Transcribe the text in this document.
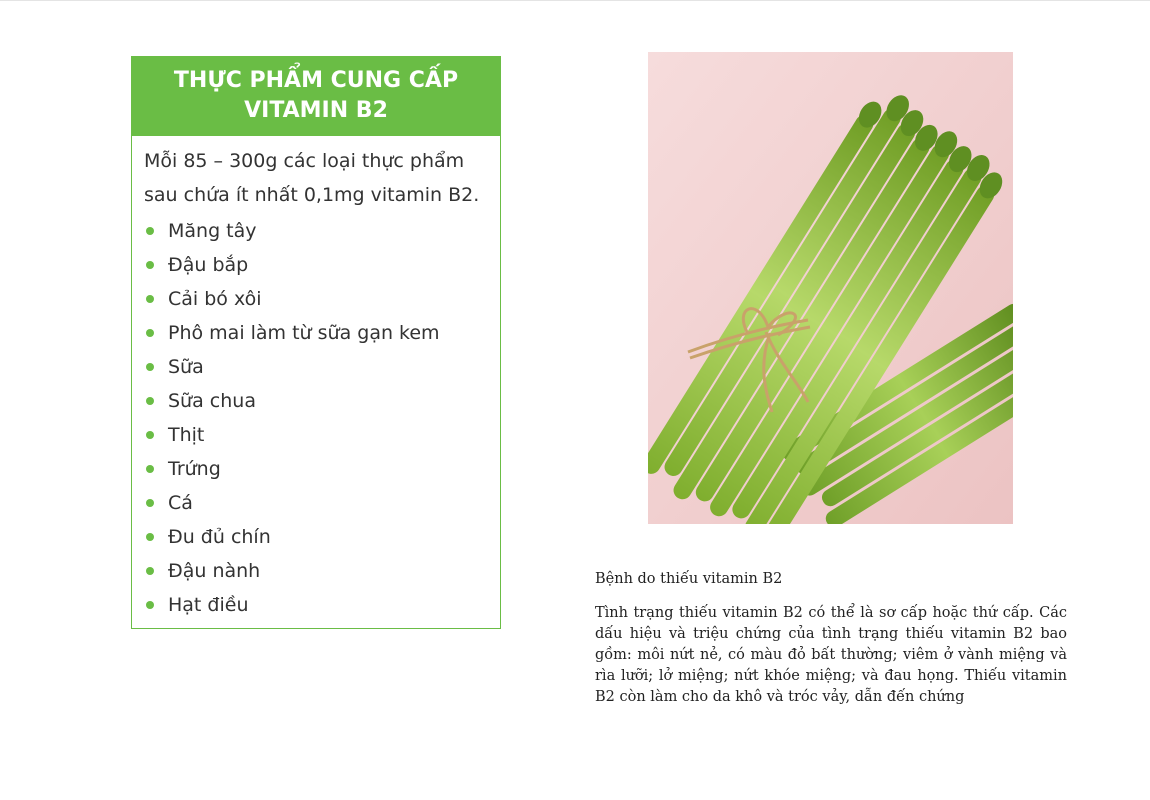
THỰC PHẨM CUNG CẤP VITAMIN B2

Mỗi 85 – 300g các loại thực phẩm sau chứa ít nhất 0,1mg vitamin B2.

Măng tây
Đậu bắp
Cải bó xôi
Phô mai làm từ sữa gạn kem
Sữa
Sữa chua
Thịt
Trứng
Cá
Đu đủ chín
Đậu nành
Hạt điều

Bệnh do thiếu vitamin B2

Tình trạng thiếu vitamin B2 có thể là sơ cấp hoặc thứ cấp. Các dấu hiệu và triệu chứng của tình trạng thiếu vitamin B2 bao gồm: môi nứt nẻ, có màu đỏ bất thường; viêm ở vành miệng và rìa lưỡi; lở miệng; nứt khóe miệng; và đau họng. Thiếu vitamin B2 còn làm cho da khô và tróc vảy, dẫn đến chứng
